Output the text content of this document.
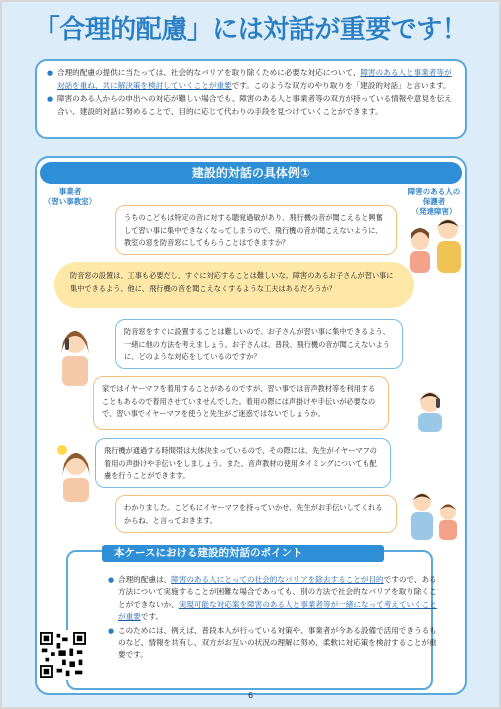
「合理的配慮」には対話が重要です！
● 合理的配慮の提供に当たっては、社会的なバリアを取り除くために必要な対応について、障害のある人と事業者等が対話を重ね、共に解決策を検討していくことが重要です。このような双方のやり取りを「建設的対話」と言います。
● 障害のある人からの申出への対応が難しい場合でも、障害のある人と事業者等の双方が持っている情報や意見を伝え合い、建設的対話に努めることで、目的に応じて代わりの手段を見つけていくことができます。
建設的対話の具体例①
事業者
（習い事教室）
障害のある人の
保護者
（発達障害）
うちのこどもは特定の音に対する聴覚過敏があり、飛行機の音が聞こえると興奮して習い事に集中できなくなってしまうので、飛行機の音が聞こえないように、教室の窓を防音窓にしてもらうことはできますか？
防音窓の設置は、工事も必要だし、すぐに対応することは難しいな。障害のあるお子さんが習い事に集中できるよう、他に、飛行機の音を聞こえなくするような工夫はあるだろうか？
防音窓をすぐに設置することは難しいので、お子さんが習い事に集中できるよう、一緒に他の方法を考えましょう。お子さんは、普段、飛行機の音が聞こえないように、どのような対応をしているのですか？
家ではイヤーマフを着用することがあるのですが、習い事では音声教材等を利用することもあるので着用させていませんでした。着用の際には声掛けや手伝いが必要なので、習い事でイヤーマフを使うと先生がご迷惑ではないでしょうか。
飛行機が通過する時間帯は大体決まっているので、その際には、先生がイヤーマフの着用の声掛けや手伝いをしましょう。また、音声教材の使用タイミングについても配慮を行うことができます。
わかりました。こどもにイヤーマフを持っていかせ、先生がお手伝いしてくれるからね、と言っておきます。
本ケースにおける建設的対話のポイント
● 合理的配慮は、障害のある人にとっての社会的なバリアを除去することが目的ですので、ある方法について実施することが困難な場合であっても、別の方法で社会的なバリアを取り除くことができないか、実現可能な対応案を障害のある人と事業者等が一緒になって考えていくことが重要です。
● このためには、例えば、普段本人が行っている対策や、事業者が今ある設備で活用できうるものなど、情報を共有し、双方がお互いの状況の理解に努め、柔軟に対応策を検討することが重要です。
6
